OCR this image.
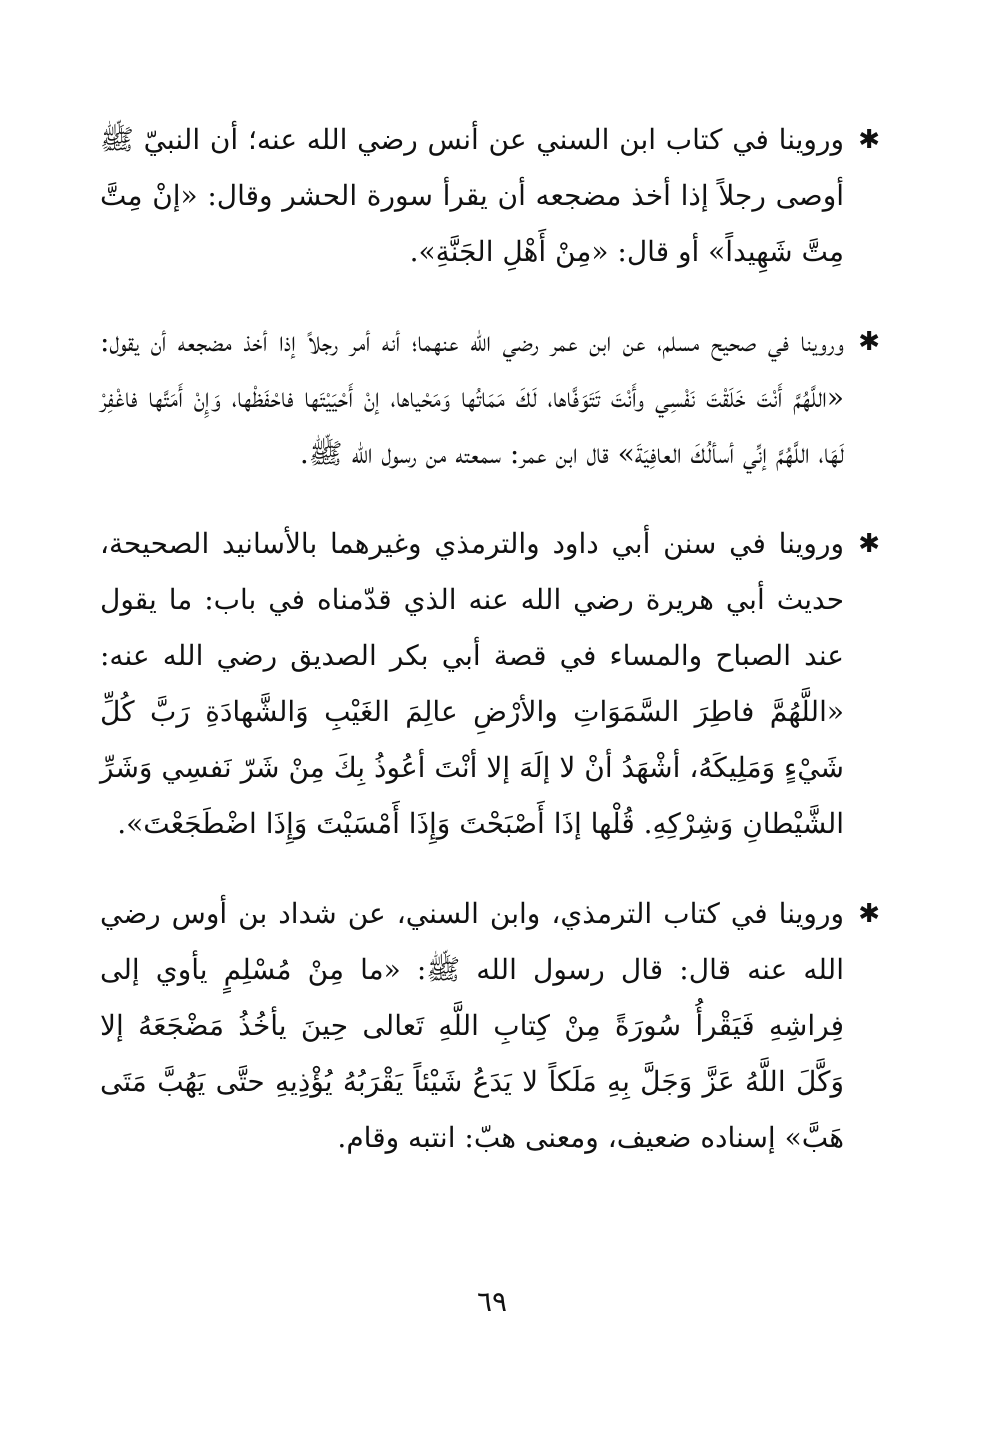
✱

وروينا في كتاب ابن السني عن أنس رضي الله عنه؛ أن النبيّ ﷺ أوصى رجلاً إذا أخذ مضجعه أن يقرأ سورة الحشر وقال: «إنْ مِتَّ مِتَّ شَهِيداً» أو قال: «مِنْ أَهْلِ الجَنَّةِ».

✱

وروينا في صحيح مسلم، عن ابن عمر رضي الله عنهما؛ أنه أمر رجلاً إذا أخذ مضجعه أن يقول: «اللَّهُمَّ أَنْتَ خَلَقْتَ نَفْسِي وأَنْتَ تَتَوَفَّاها، لَكَ مَمَاتُها وَمَحْياها، إنْ أَحْيَيْتَها فاحْفَظْها، وَإِنْ أَمَتَّها فاغْفِرْ لَهَا، اللَّهُمَّ إنِّي أسألُكَ العافِيَةَ» قال ابن عمر: سمعته من رسول الله ﷺ.

✱

وروينا في سنن أبي داود والترمذي وغيرهما بالأسانيد الصحيحة، حديث أبي هريرة رضي الله عنه الذي قدّمناه في باب: ما يقول عند الصباح والمساء في قصة أبي بكر الصديق رضي الله عنه: «اللَّهُمَّ فاطِرَ السَّمَوَاتِ والأرْضِ عالِمَ الغَيْبِ وَالشَّهادَةِ رَبَّ كُلِّ شَيْءٍ وَمَلِيكَهُ، أشْهَدُ أنْ لا إلَهَ إلا أنْتَ أعُوذُ بِكَ مِنْ شَرّ نَفسِي وَشَرِّ الشَّيْطانِ وَشِرْكِهِ. قُلْها إذَا أَصْبَحْتَ وَإِذَا أَمْسَيْتَ وَإِذَا اضْطَجَعْتَ».

✱

وروينا في كتاب الترمذي، وابن السني، عن شداد بن أوس رضي الله عنه قال: قال رسول الله ﷺ: «ما مِنْ مُسْلِمٍ يأوي إلى فِراشِهِ فَيَقْرأُ سُورَةً مِنْ كِتابِ اللَّهِ تَعالى حِينَ يأخُذُ مَضْجَعَهُ إلا وَكَّلَ اللَّهُ عَزَّ وَجَلَّ بِهِ مَلَكاً لا يَدَعُ شَيْئاً يَقْرَبُهُ يُؤْذِيهِ حتَّى يَهُبَّ مَتَى هَبَّ» إسناده ضعيف، ومعنى هبّ: انتبه وقام.

٦٩
